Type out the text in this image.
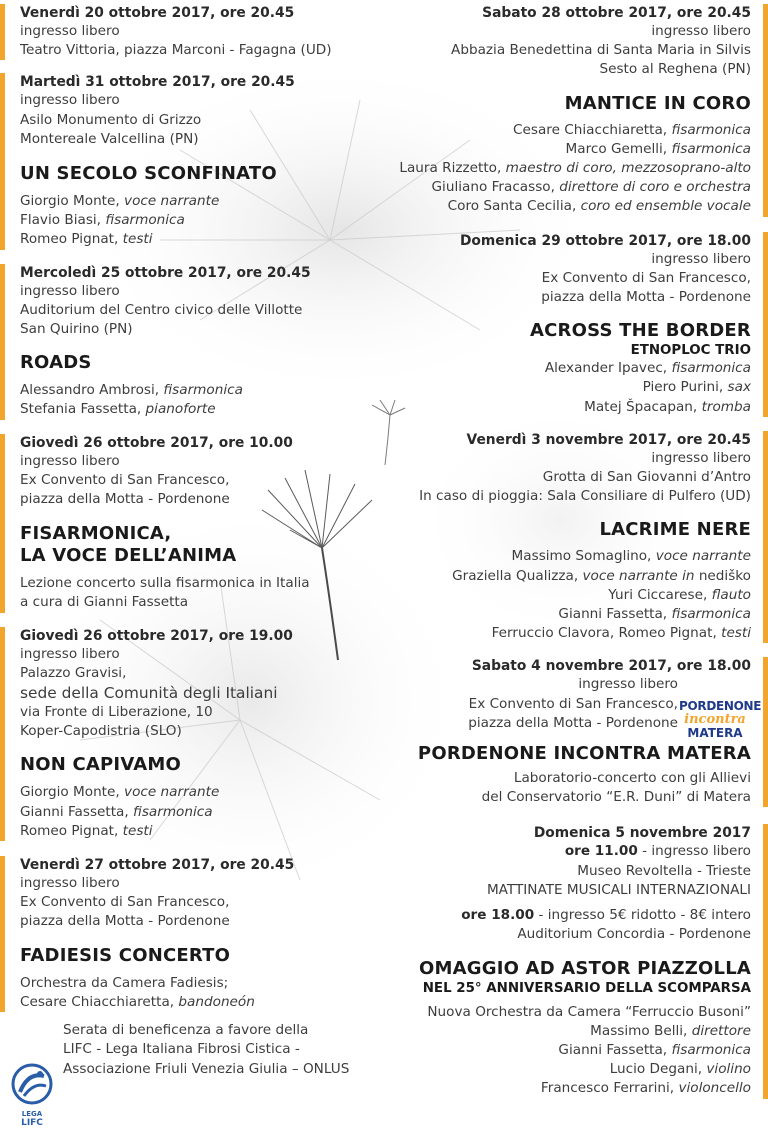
Venerdì 20 ottobre 2017, ore 20.45
ingresso libero
Teatro Vittoria, piazza Marconi - Fagagna (UD)
Martedì 31 ottobre 2017, ore 20.45
ingresso libero
Asilo Monumento di Grizzo
Montereale Valcellina (PN)
UN SECOLO SCONFINATO
Giorgio Monte, voce narrante
Flavio Biasi, fisarmonica
Romeo Pignat, testi
Mercoledì 25 ottobre 2017, ore 20.45
ingresso libero
Auditorium del Centro civico delle Villotte
San Quirino (PN)
ROADS
Alessandro Ambrosi, fisarmonica
Stefania Fassetta, pianoforte
Giovedì 26 ottobre 2017, ore 10.00
ingresso libero
Ex Convento di San Francesco,
piazza della Motta - Pordenone
FISARMONICA,
LA VOCE DELL’ANIMA
Lezione concerto sulla fisarmonica in Italia
a cura di Gianni Fassetta
Giovedì 26 ottobre 2017, ore 19.00
ingresso libero
Palazzo Gravisi,
sede della Comunità degli Italiani
via Fronte di Liberazione, 10
Koper-Capodistria (SLO)
NON CAPIVAMO
Giorgio Monte, voce narrante
Gianni Fassetta, fisarmonica
Romeo Pignat, testi
Venerdì 27 ottobre 2017, ore 20.45
ingresso libero
Ex Convento di San Francesco,
piazza della Motta - Pordenone
FADIESIS CONCERTO
Orchestra da Camera Fadiesis;
Cesare Chiacchiaretta, bandoneón
Serata di beneficenza a favore della
LIFC - Lega Italiana Fibrosi Cistica -
Associazione Friuli Venezia Giulia – ONLUS
LEGA
LIFC
Sabato 28 ottobre 2017, ore 20.45
ingresso libero
Abbazia Benedettina di Santa Maria in Silvis
Sesto al Reghena (PN)
MANTICE IN CORO
Cesare Chiacchiaretta, fisarmonica
Marco Gemelli, fisarmonica
Laura Rizzetto, maestro di coro, mezzosoprano-alto
Giuliano Fracasso, direttore di coro e orchestra
Coro Santa Cecilia, coro ed ensemble vocale
Domenica 29 ottobre 2017, ore 18.00
ingresso libero
Ex Convento di San Francesco,
piazza della Motta - Pordenone
ACROSS THE BORDER
ETNOPLOC TRIO
Alexander Ipavec, fisarmonica
Piero Purini, sax
Matej Špacapan, tromba
Venerdì 3 novembre 2017, ore 20.45
ingresso libero
Grotta di San Giovanni d’Antro
In caso di pioggia: Sala Consiliare di Pulfero (UD)
LACRIME NERE
Massimo Somaglino, voce narrante
Graziella Qualizza, voce narrante in nediško
Yuri Ciccarese, flauto
Gianni Fassetta, fisarmonica
Ferruccio Clavora, Romeo Pignat, testi
Sabato 4 novembre 2017, ore 18.00
ingresso libero
Ex Convento di San Francesco,
piazza della Motta - Pordenone
PORDENONE INCONTRA MATERA
Laboratorio-concerto con gli Allievi
del Conservatorio “E.R. Duni” di Matera
Domenica 5 novembre 2017
ore 11.00 - ingresso libero
Museo Revoltella - Trieste
MATTINATE MUSICALI INTERNAZIONALI
ore 18.00 - ingresso 5€ ridotto - 8€ intero
Auditorium Concordia - Pordenone
OMAGGIO AD ASTOR PIAZZOLLA
NEL 25° ANNIVERSARIO DELLA SCOMPARSA
Nuova Orchestra da Camera “Ferruccio Busoni”
Massimo Belli, direttore
Gianni Fassetta, fisarmonica
Lucio Degani, violino
Francesco Ferrarini, violoncello
PORDENONE
incontra
MATERA
